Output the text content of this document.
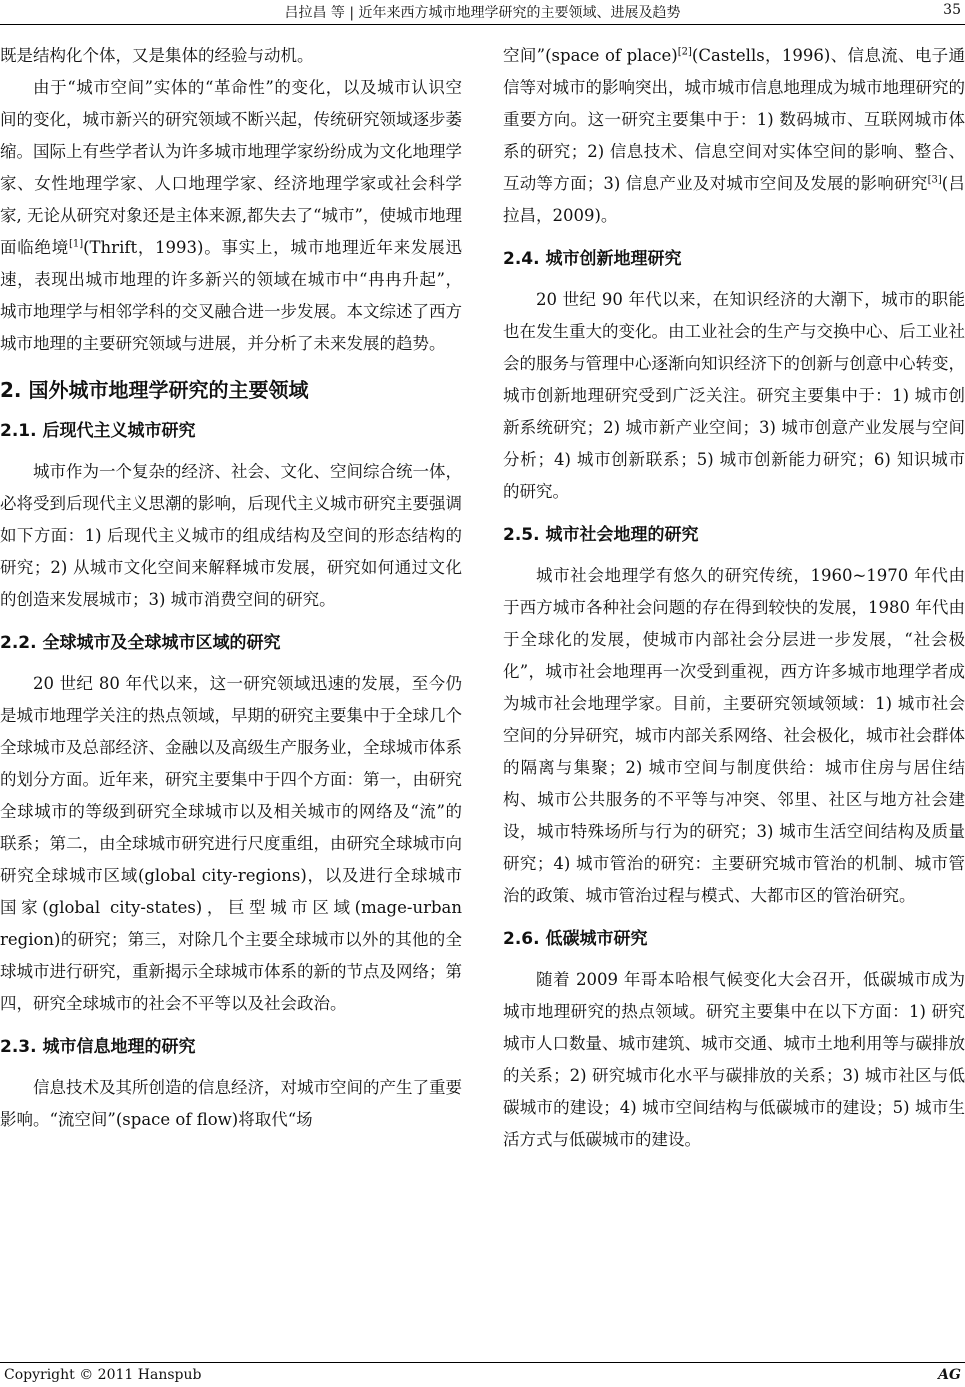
吕拉昌 等 | 近年来西方城市地理学研究的主要领域、进展及趋势	35

既是结构化个体，又是集体的经验与动机。

由于“城市空间”实体的“革命性”的变化，以及城市认识空间的变化，城市新兴的研究领域不断兴起，传统研究领域逐步萎缩。国际上有些学者认为许多城市地理学家纷纷成为文化地理学家、女性地理学家、人口地理学家、经济地理学家或社会科学家, 无论从研究对象还是主体来源,都失去了“城市”，使城市地理面临绝境[1](Thrift，1993)。事实上，城市地理近年来发展迅速，表现出城市地理的许多新兴的领域在城市中“冉冉升起”，城市地理学与相邻学科的交叉融合进一步发展。本文综述了西方城市地理的主要研究领域与进展，并分析了未来发展的趋势。

2. 国外城市地理学研究的主要领域
2.1. 后现代主义城市研究

城市作为一个复杂的经济、社会、文化、空间综合统一体，必将受到后现代主义思潮的影响，后现代主义城市研究主要强调如下方面：1) 后现代主义城市的组成结构及空间的形态结构的研究；2) 从城市文化空间来解释城市发展，研究如何通过文化的创造来发展城市；3) 城市消费空间的研究。

2.2. 全球城市及全球城市区域的研究

20 世纪 80 年代以来，这一研究领域迅速的发展，至今仍是城市地理学关注的热点领域，早期的研究主要集中于全球几个全球城市及总部经济、金融以及高级生产服务业，全球城市体系的划分方面。近年来，研究主要集中于四个方面：第一，由研究全球城市的等级到研究全球城市以及相关城市的网络及“流”的联系；第二，由全球城市研究进行尺度重组，由研究全球城市向研究全球城市区域(global city-regions)，以及进行全球城市国家(global city-states)，巨型城市区域(mage-urban region)的研究；第三，对除几个主要全球城市以外的其他的全球城市进行研究，重新揭示全球城市体系的新的节点及网络；第四，研究全球城市的社会不平等以及社会政治。

2.3. 城市信息地理的研究

信息技术及其所创造的信息经济，对城市空间的产生了重要影响。“流空间”(space of flow)将取代“场

空间”(space of place)[2](Castells，1996)、信息流、电子通信等对城市的影响突出，城市城市信息地理成为城市地理研究的重要方向。这一研究主要集中于：1) 数码城市、互联网城市体系的研究；2) 信息技术、信息空间对实体空间的影响、整合、互动等方面；3) 信息产业及对城市空间及发展的影响研究[3](吕拉昌，2009)。

2.4. 城市创新地理研究

20 世纪 90 年代以来，在知识经济的大潮下，城市的职能也在发生重大的变化。由工业社会的生产与交换中心、后工业社会的服务与管理中心逐渐向知识经济下的创新与创意中心转变，城市创新地理研究受到广泛关注。研究主要集中于：1) 城市创新系统研究；2) 城市新产业空间；3) 城市创意产业发展与空间分析；4) 城市创新联系；5) 城市创新能力研究；6) 知识城市的研究。

2.5. 城市社会地理的研究

城市社会地理学有悠久的研究传统，1960~1970 年代由于西方城市各种社会问题的存在得到较快的发展，1980 年代由于全球化的发展，使城市内部社会分层进一步发展，“社会极化”，城市社会地理再一次受到重视，西方许多城市地理学者成为城市社会地理学家。目前，主要研究领域领域：1) 城市社会空间的分异研究，城市内部关系网络、社会极化，城市社会群体的隔离与集聚；2) 城市空间与制度供给：城市住房与居住结构、城市公共服务的不平等与冲突、邻里、社区与地方社会建设，城市特殊场所与行为的研究；3) 城市生活空间结构及质量研究；4) 城市管治的研究：主要研究城市管治的机制、城市管治的政策、城市管治过程与模式、大都市区的管治研究。

2.6. 低碳城市研究

随着 2009 年哥本哈根气候变化大会召开，低碳城市成为城市地理研究的热点领域。研究主要集中在以下方面：1) 研究城市人口数量、城市建筑、城市交通、城市土地利用等与碳排放的关系；2) 研究城市化水平与碳排放的关系；3) 城市社区与低碳城市的建设；4) 城市空间结构与低碳城市的建设；5) 城市生活方式与低碳城市的建设。

Copyright © 2011 Hanspub	AG
